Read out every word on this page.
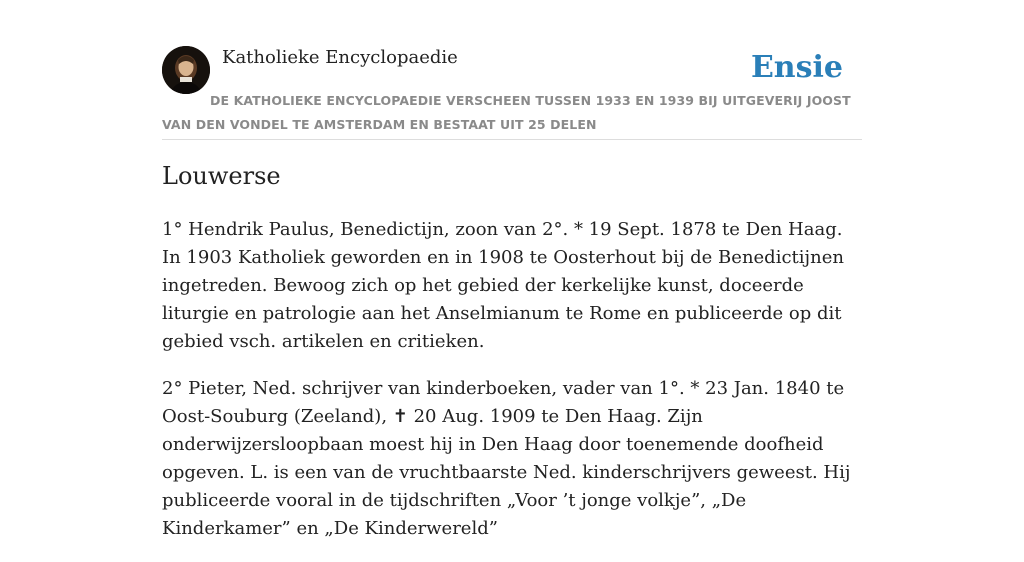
Katholieke Encyclopaedie	Ensie
DE KATHOLIEKE ENCYCLOPAEDIE VERSCHEEN TUSSEN 1933 EN 1939 BIJ UITGEVERIJ JOOST VAN DEN VONDEL TE AMSTERDAM EN BESTAAT UIT 25 DELEN
Louwerse

1° Hendrik Paulus, Benedictijn, zoon van 2°. * 19 Sept. 1878 te Den Haag. In 1903 Katholiek geworden en in 1908 te Oosterhout bij de Benedictijnen ingetreden. Bewoog zich op het gebied der kerkelijke kunst, doceerde liturgie en patrologie aan het Anselmianum te Rome en publiceerde op dit gebied vsch. artikelen en critieken.

2° Pieter, Ned. schrijver van kinderboeken, vader van 1°. * 23 Jan. 1840 te Oost-Souburg (Zeeland), ✝ 20 Aug. 1909 te Den Haag. Zijn onderwijzersloopbaan moest hij in Den Haag door toenemende doofheid opgeven. L. is een van de vruchtbaarste Ned. kinderschrijvers geweest. Hij publiceerde vooral in de tijdschriften „Voor ’t jonge volkje”, „De Kinderkamer” en „De Kinderwereld”
